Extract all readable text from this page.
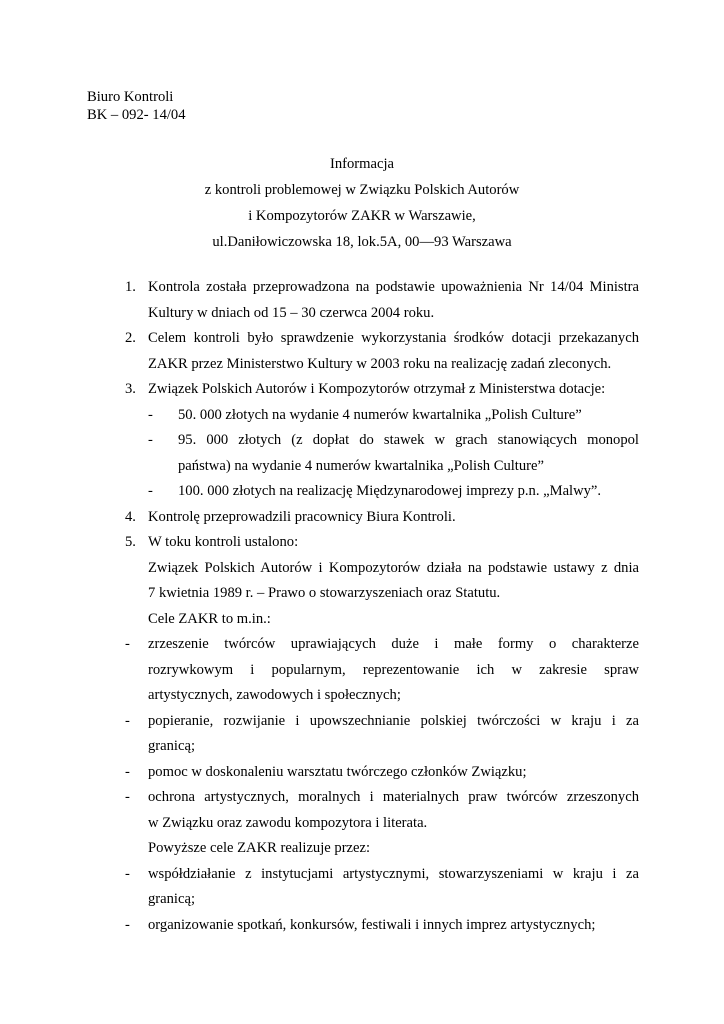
Biuro Kontroli
BK – 092- 14/04
Informacja
z kontroli problemowej w Związku Polskich Autorów
i Kompozytorów ZAKR w Warszawie,
ul.Daniłowiczowska 18, lok.5A, 00—93 Warszawa
1. Kontrola została przeprowadzona na podstawie upoważnienia Nr 14/04 Ministra
Kultury w dniach od 15 – 30 czerwca 2004 roku.
2. Celem kontroli było sprawdzenie wykorzystania środków dotacji przekazanych
ZAKR przez Ministerstwo Kultury w 2003 roku na realizację zadań zleconych.
3. Związek Polskich Autorów i Kompozytorów otrzymał z Ministerstwa dotacje:
- 50. 000 złotych na wydanie 4 numerów kwartalnika „Polish Culture”
- 95. 000 złotych (z dopłat do stawek w grach stanowiących monopol
państwa) na wydanie 4 numerów kwartalnika „Polish Culture”
- 100. 000 złotych na realizację Międzynarodowej imprezy p.n. „Malwy”.
4. Kontrolę przeprowadzili pracownicy Biura Kontroli.
5. W toku kontroli ustalono:
Związek Polskich Autorów i Kompozytorów działa na podstawie ustawy z dnia
7 kwietnia 1989 r. – Prawo o stowarzyszeniach oraz Statutu.
Cele ZAKR to m.in.:
- zrzeszenie twórców uprawiających duże i małe formy o charakterze
rozrywkowym i popularnym, reprezentowanie ich w zakresie spraw
artystycznych, zawodowych i społecznych;
- popieranie, rozwijanie i upowszechnianie polskiej twórczości w kraju i za
granicą;
- pomoc w doskonaleniu warsztatu twórczego członków Związku;
- ochrona artystycznych, moralnych i materialnych praw twórców zrzeszonych
w Związku oraz zawodu kompozytora i literata.
Powyższe cele ZAKR realizuje przez:
- współdziałanie z instytucjami artystycznymi, stowarzyszeniami w kraju i za
granicą;
- organizowanie spotkań, konkursów, festiwali i innych imprez artystycznych;
